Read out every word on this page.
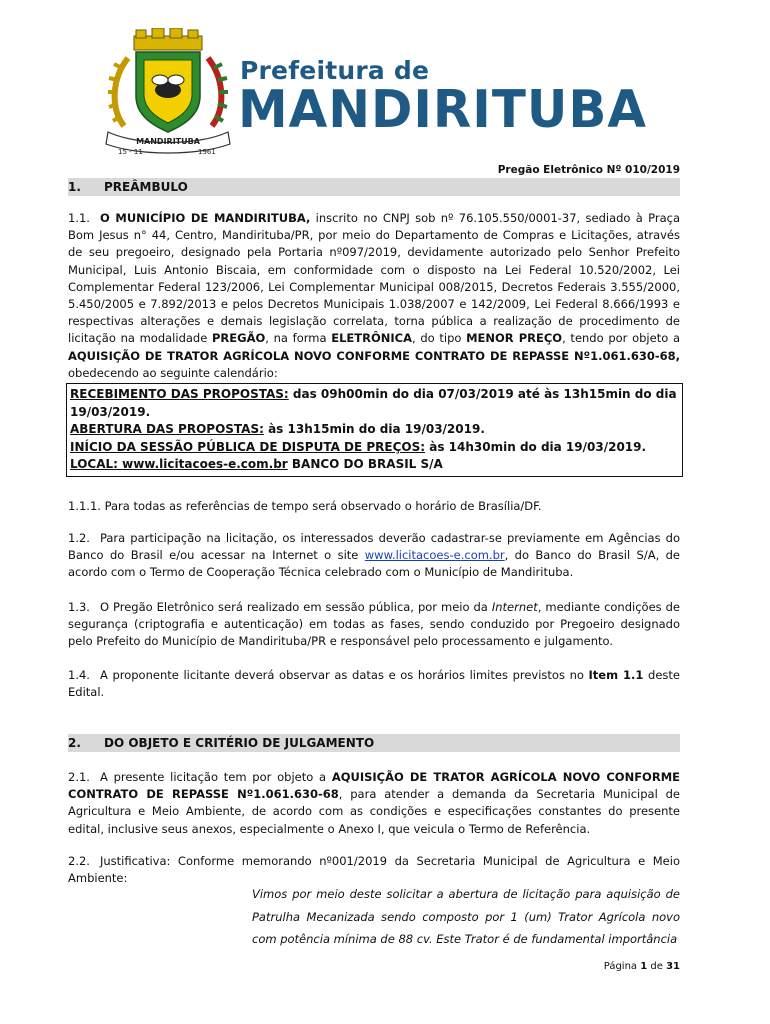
MANDIRITUBA
15 - 11	1961
Prefeitura de
MANDIRITUBA
Pregão Eletrônico Nº 010/2019
1. PREÂMBULO
1.1. O MUNICÍPIO DE MANDIRITUBA, inscrito no CNPJ sob nº 76.105.550/0001-37, sediado à Praça Bom Jesus n° 44, Centro, Mandirituba/PR, por meio do Departamento de Compras e Licitações, através de seu pregoeiro, designado pela Portaria nº097/2019, devidamente autorizado pelo Senhor Prefeito Municipal, Luis Antonio Biscaia, em conformidade com o disposto na Lei Federal 10.520/2002, Lei Complementar Federal 123/2006, Lei Complementar Municipal 008/2015, Decretos Federais 3.555/2000, 5.450/2005 e 7.892/2013 e pelos Decretos Municipais 1.038/2007 e 142/2009, Lei Federal 8.666/1993 e respectivas alterações e demais legislação correlata, torna pública a realização de procedimento de licitação na modalidade PREGÃO, na forma ELETRÔNICA, do tipo MENOR PREÇO, tendo por objeto a AQUISIÇÃO DE TRATOR AGRÍCOLA NOVO CONFORME CONTRATO DE REPASSE Nº1.061.630-68, obedecendo ao seguinte calendário:
RECEBIMENTO DAS PROPOSTAS: das 09h00min do dia 07/03/2019 até às 13h15min do dia 19/03/2019.
ABERTURA DAS PROPOSTAS: às 13h15min do dia 19/03/2019.
INÍCIO DA SESSÃO PÚBLICA DE DISPUTA DE PREÇOS: às 14h30min do dia 19/03/2019.
LOCAL: www.licitacoes-e.com.br BANCO DO BRASIL S/A
1.1.1. Para todas as referências de tempo será observado o horário de Brasília/DF.
1.2. Para participação na licitação, os interessados deverão cadastrar-se previamente em Agências do Banco do Brasil e/ou acessar na Internet o site www.licitacoes-e.com.br, do Banco do Brasil S/A, de acordo com o Termo de Cooperação Técnica celebrado com o Município de Mandirituba.
1.3. O Pregão Eletrônico será realizado em sessão pública, por meio da Internet, mediante condições de segurança (criptografia e autenticação) em todas as fases, sendo conduzido por Pregoeiro designado pelo Prefeito do Município de Mandirituba/PR e responsável pelo processamento e julgamento.
1.4. A proponente licitante deverá observar as datas e os horários limites previstos no Item 1.1 deste Edital.
2. DO OBJETO E CRITÉRIO DE JULGAMENTO
2.1. A presente licitação tem por objeto a AQUISIÇÃO DE TRATOR AGRÍCOLA NOVO CONFORME CONTRATO DE REPASSE Nº1.061.630-68, para atender a demanda da Secretaria Municipal de Agricultura e Meio Ambiente, de acordo com as condições e especificações constantes do presente edital, inclusive seus anexos, especialmente o Anexo I, que veicula o Termo de Referência.
2.2. Justificativa: Conforme memorando nº001/2019 da Secretaria Municipal de Agricultura e Meio Ambiente:
Vimos por meio deste solicitar a abertura de licitação para aquisição de Patrulha Mecanizada sendo composto por 1 (um) Trator Agrícola novo com potência mínima de 88 cv. Este Trator é de fundamental importância
Página 1 de 31
